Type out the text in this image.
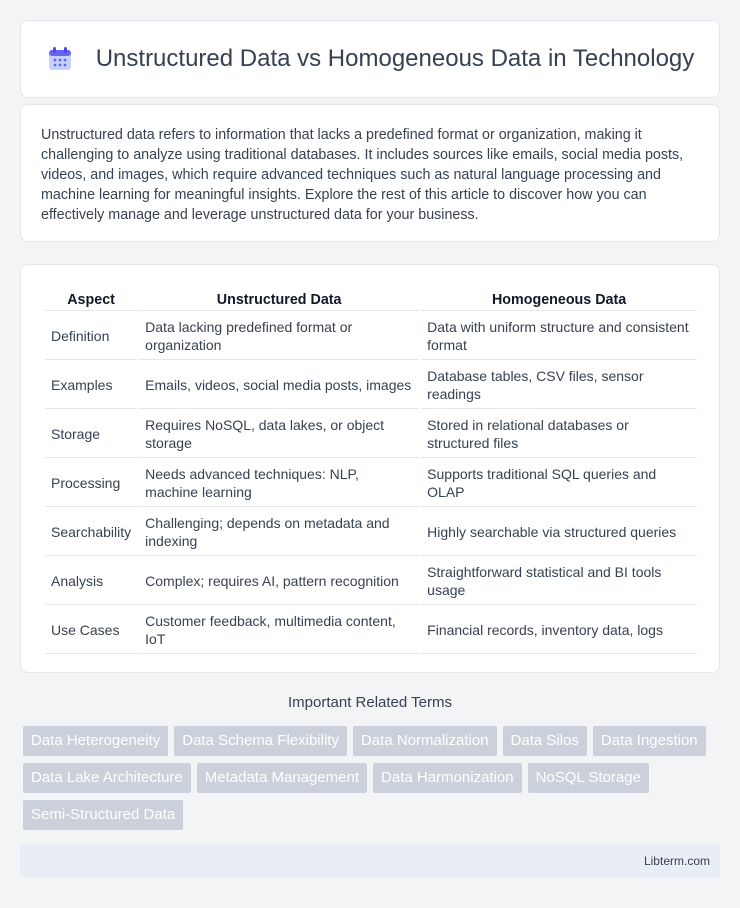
Unstructured Data vs Homogeneous Data in Technology

Unstructured data refers to information that lacks a predefined format or organization, making it challenging to analyze using traditional databases. It includes sources like emails, social media posts, videos, and images, which require advanced techniques such as natural language processing and machine learning for meaningful insights. Explore the rest of this article to discover how you can effectively manage and leverage unstructured data for your business.

Aspect	Unstructured Data	Homogeneous Data
Definition	Data lacking predefined format or organization	Data with uniform structure and consistent format
Examples	Emails, videos, social media posts, images	Database tables, CSV files, sensor readings
Storage	Requires NoSQL, data lakes, or object storage	Stored in relational databases or structured files
Processing	Needs advanced techniques: NLP, machine learning	Supports traditional SQL queries and OLAP
Searchability	Challenging; depends on metadata and indexing	Highly searchable via structured queries
Analysis	Complex; requires AI, pattern recognition	Straightforward statistical and BI tools usage
Use Cases	Customer feedback, multimedia content, IoT	Financial records, inventory data, logs
Important Related Terms
Data Heterogeneity	Data Schema Flexibility	Data Normalization	Data Silos	Data Ingestion
Data Lake Architecture	Metadata Management	Data Harmonization	NoSQL Storage
Semi-Structured Data
Libterm.com
